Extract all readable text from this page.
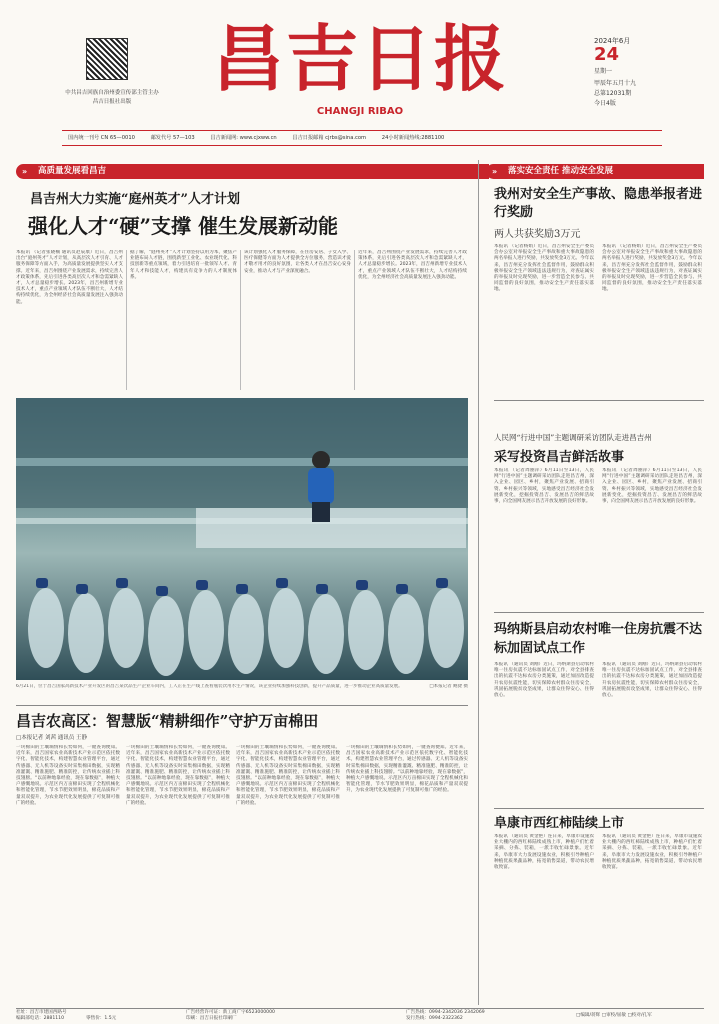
中共昌吉回族自治州委宣传部主管主办
昌吉日报社出版
昌吉日报
CHANGJI RIBAO
2024年6月
24
星期一
甲辰年五月十九
总第12031期
今日4版
国内统一刊号 CN 65—0010	邮发代号 57—103	昌吉新闻网: www.cjxww.cn	昌吉日报邮箱 cjrbs@sina.com	24小时新闻热线:2881100
» 高质量发展看昌吉
昌吉州大力实施“庭州英才”人才计划
强化人才“硬”支撑 催生发展新动能
本报讯 （记者张晓楠 通讯员赵辰康）近日，昌吉州出台“庭州英才”人才计划，从高层次人才引育、人才服务保障等方面入手，为高质量发展提供坚实人才支撑。近年来，昌吉州围绕产业发展需求，持续完善人才政策体系，先后引进各类高层次人才和急需紧缺人才，人才总量稳步增长。2023年，昌吉州新增专业技术人才，重点产业领域人才队伍不断壮大，人才结构持续优化，为全州经济社会高质量发展注入强劲动能。
据了解，“庭州英才”人才计划坚持以用为本，聚焦产业链布局人才链，围绕新型工业化、农业现代化、科技创新等重点领域，着力引进培育一批领军人才、青年人才和技能人才，构建具有竞争力的人才制度体系。
该计划强化人才服务保障，在住房安居、子女入学、医疗保健等方面为人才提供全方位服务，营造识才爱才敬才用才的良好氛围，让各类人才在昌吉安心安身安业，推动人才与产业深度融合。
近年来，昌吉州围绕产业发展需求，持续完善人才政策体系，先后引进各类高层次人才和急需紧缺人才，人才总量稳步增长。2023年，昌吉州新增专业技术人才，重点产业领域人才队伍不断壮大，人才结构持续优化，为全州经济社会高质量发展注入强劲动能。
6月21日，位于昌吉国家高新技术产业开发区的昌吉某饮品生产企业车间内，工人正在生产线上查看瓶装饮用水生产情况，该企业持续加强科技创新，提升产品质量，进一步推动企业高质量发展。	□本报记者 鲍捷 摄
昌吉农高区：智慧版“精耕细作”守护万亩棉田
□本报记者 刘茜 通讯员 王静
一块棉田的土壤墒情和长势如何，一键查询便知。近年来，昌吉国家农业高新技术产业示范区依托数字化、智能化技术，构建智慧农业管理平台，通过传感器、无人机等设备实时采集棉田数据，实现精准灌溉、精准施肥、精准防控，让传统农业插上科技翅膀。“以前种地靠经验，现在靠数据”，种植大户感慨地说。示范区内万亩棉田实现了全程机械化和智能化管理，节水节肥效果明显，棉花品质和产量双双提升，为农业现代化发展提供了可复制可推广的经验。
一块棉田的土壤墒情和长势如何，一键查询便知。近年来，昌吉国家农业高新技术产业示范区依托数字化、智能化技术，构建智慧农业管理平台，通过传感器、无人机等设备实时采集棉田数据，实现精准灌溉、精准施肥、精准防控，让传统农业插上科技翅膀。“以前种地靠经验，现在靠数据”，种植大户感慨地说。示范区内万亩棉田实现了全程机械化和智能化管理，节水节肥效果明显，棉花品质和产量双双提升，为农业现代化发展提供了可复制可推广的经验。
一块棉田的土壤墒情和长势如何，一键查询便知。近年来，昌吉国家农业高新技术产业示范区依托数字化、智能化技术，构建智慧农业管理平台，通过传感器、无人机等设备实时采集棉田数据，实现精准灌溉、精准施肥、精准防控，让传统农业插上科技翅膀。“以前种地靠经验，现在靠数据”，种植大户感慨地说。示范区内万亩棉田实现了全程机械化和智能化管理，节水节肥效果明显，棉花品质和产量双双提升，为农业现代化发展提供了可复制可推广的经验。
一块棉田的土壤墒情和长势如何，一键查询便知。近年来，昌吉国家农业高新技术产业示范区依托数字化、智能化技术，构建智慧农业管理平台，通过传感器、无人机等设备实时采集棉田数据，实现精准灌溉、精准施肥、精准防控，让传统农业插上科技翅膀。“以前种地靠经验，现在靠数据”，种植大户感慨地说。示范区内万亩棉田实现了全程机械化和智能化管理，节水节肥效果明显，棉花品质和产量双双提升，为农业现代化发展提供了可复制可推广的经验。
» 落实安全责任 推动安全发展
我州对安全生产事故、隐患举报者进行奖励
两人共获奖励3万元
本报讯 （记者杨娟）近日，昌吉州安全生产委员会办公室对举报安全生产事故和重大事故隐患的两名举报人进行奖励，共发放奖金3万元。今年以来，昌吉州充分发挥社会监督作用，鼓励群众积极举报安全生产领域违法违规行为，对查证属实的举报及时兑现奖励，进一步营造全民参与、共同监督的良好氛围，推动安全生产责任落实落地。
本报讯 （记者杨娟）近日，昌吉州安全生产委员会办公室对举报安全生产事故和重大事故隐患的两名举报人进行奖励，共发放奖金3万元。今年以来，昌吉州充分发挥社会监督作用，鼓励群众积极举报安全生产领域违法违规行为，对查证属实的举报及时兑现奖励，进一步营造全民参与、共同监督的良好氛围，推动安全生产责任落实落地。
人民网“行进中国”主题调研采访团队走进昌吉州
采写投资昌吉鲜活故事
本报讯 （记者周丽萍）6月11日至13日，人民网“行进中国”主题调研采访团队走进昌吉州，深入企业、园区、乡村，聚焦产业发展、招商引资、乡村振兴等领域，实地感受昌吉经济社会发展新变化，挖掘投资昌吉、发展昌吉的鲜活故事，向全国网友展示昌吉开放发展的良好形象。
本报讯 （记者周丽萍）6月11日至13日，人民网“行进中国”主题调研采访团队走进昌吉州，深入企业、园区、乡村，聚焦产业发展、招商引资、乡村振兴等领域，实地感受昌吉经济社会发展新变化，挖掘投资昌吉、发展昌吉的鲜活故事，向全国网友展示昌吉开放发展的良好形象。
玛纳斯县启动农村唯一住房抗震不达标加固试点工作
本报讯 （通讯员 刘刚）近日，玛纳斯县启动农村唯一住房抗震不达标加固试点工作，对全县排查出的抗震不达标农房分类施策，通过加固改造提升农房抗震性能，切实保障农村群众住房安全，巩固拓展脱贫攻坚成果，让群众住得安心、住得放心。
本报讯 （通讯员 刘刚）近日，玛纳斯县启动农村唯一住房抗震不达标加固试点工作，对全县排查出的抗震不达标农房分类施策，通过加固改造提升农房抗震性能，切实保障农村群众住房安全，巩固拓展脱贫攻坚成果，让群众住得安心、住得放心。
阜康市西红柿陆续上市
本报讯 （通讯员 黄金艳）连日来，阜康市设施农业大棚内的西红柿陆续成熟上市，种植户们忙着采摘、分拣、装箱，一派丰收忙碌景象。近年来，阜康市大力发展设施农业，积极引导种植户种植优质果蔬品种，拓宽销售渠道，带动农民增收致富。
本报讯 （通讯员 黄金艳）连日来，阜康市设施农业大棚内的西红柿陆续成熟上市，种植户们忙着采摘、分拣、装箱，一派丰收忙碌景象。近年来，阜康市大力发展设施农业，积极引导种植户种植优质果蔬品种，拓宽销售渠道，带动农民增收致富。
社址：昌吉市建国西路号
编辑部电话：2881110	零售价：1.5元
广告经营许可证：新工商广字6523000000
印刷：昌吉日报社印刷厂
广告热线：0994-2342036 2342069
发行热线：0994-2322362
□编辑/蒋辉 □审校/屈敏 □校对/孔军
